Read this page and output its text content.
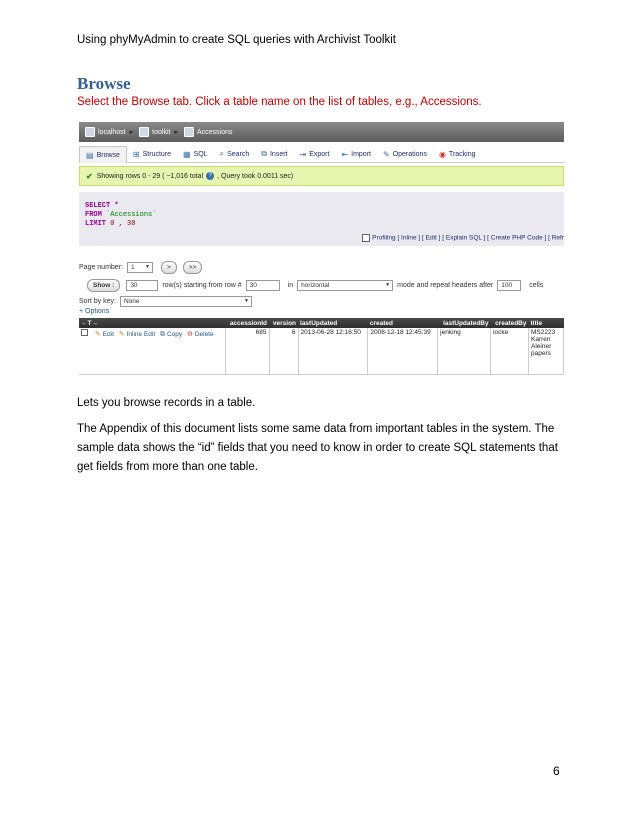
Using phyMyAdmin to create SQL queries with Archivist Toolkit
Browse
Select the Browse tab. Click a table name on the list of tables, e.g., Accessions.
localhost ▸	toolkit ▸	Accessions
▤ Browse ⊞ Structure ▦ SQL ⌕ Search ⧉ Insert ⇥ Export ⇤ Import ✎ Operations ◉ Tracking
✔ Showing rows 0 - 29 ( ~1,016 total ? , Query took 0.0011 sec)
SELECT *
FROM `Accessions`
LIMIT 0 , 30
Profiling [ Inline ] [ Edit ] [ Explain SQL ] [ Create PHP Code ] [ Refr
Page number: 1 ▼	>	>>
Show :	30	row(s) starting from row #	30	in horizontal	▼ mode and repeat headers after	100	cells
Sort by key: None	▼
+ Options
←T→	accessionId	version	lastUpdated	created	lastUpdatedBy	createdBy	title
✎ Edit ✎ Inline Edit ⧉ Copy ⊖ Delete	685	6	2013-06-28 12:16:50	2008-12-18 12:45:39	jenking	locke	MS2223 Karren Aleiner papers
Lets you browse records in a table.
The Appendix of this document lists some same data from important tables in the system. The sample data shows the “id” fields that you need to know in order to create SQL statements that get fields from more than one table.
6
